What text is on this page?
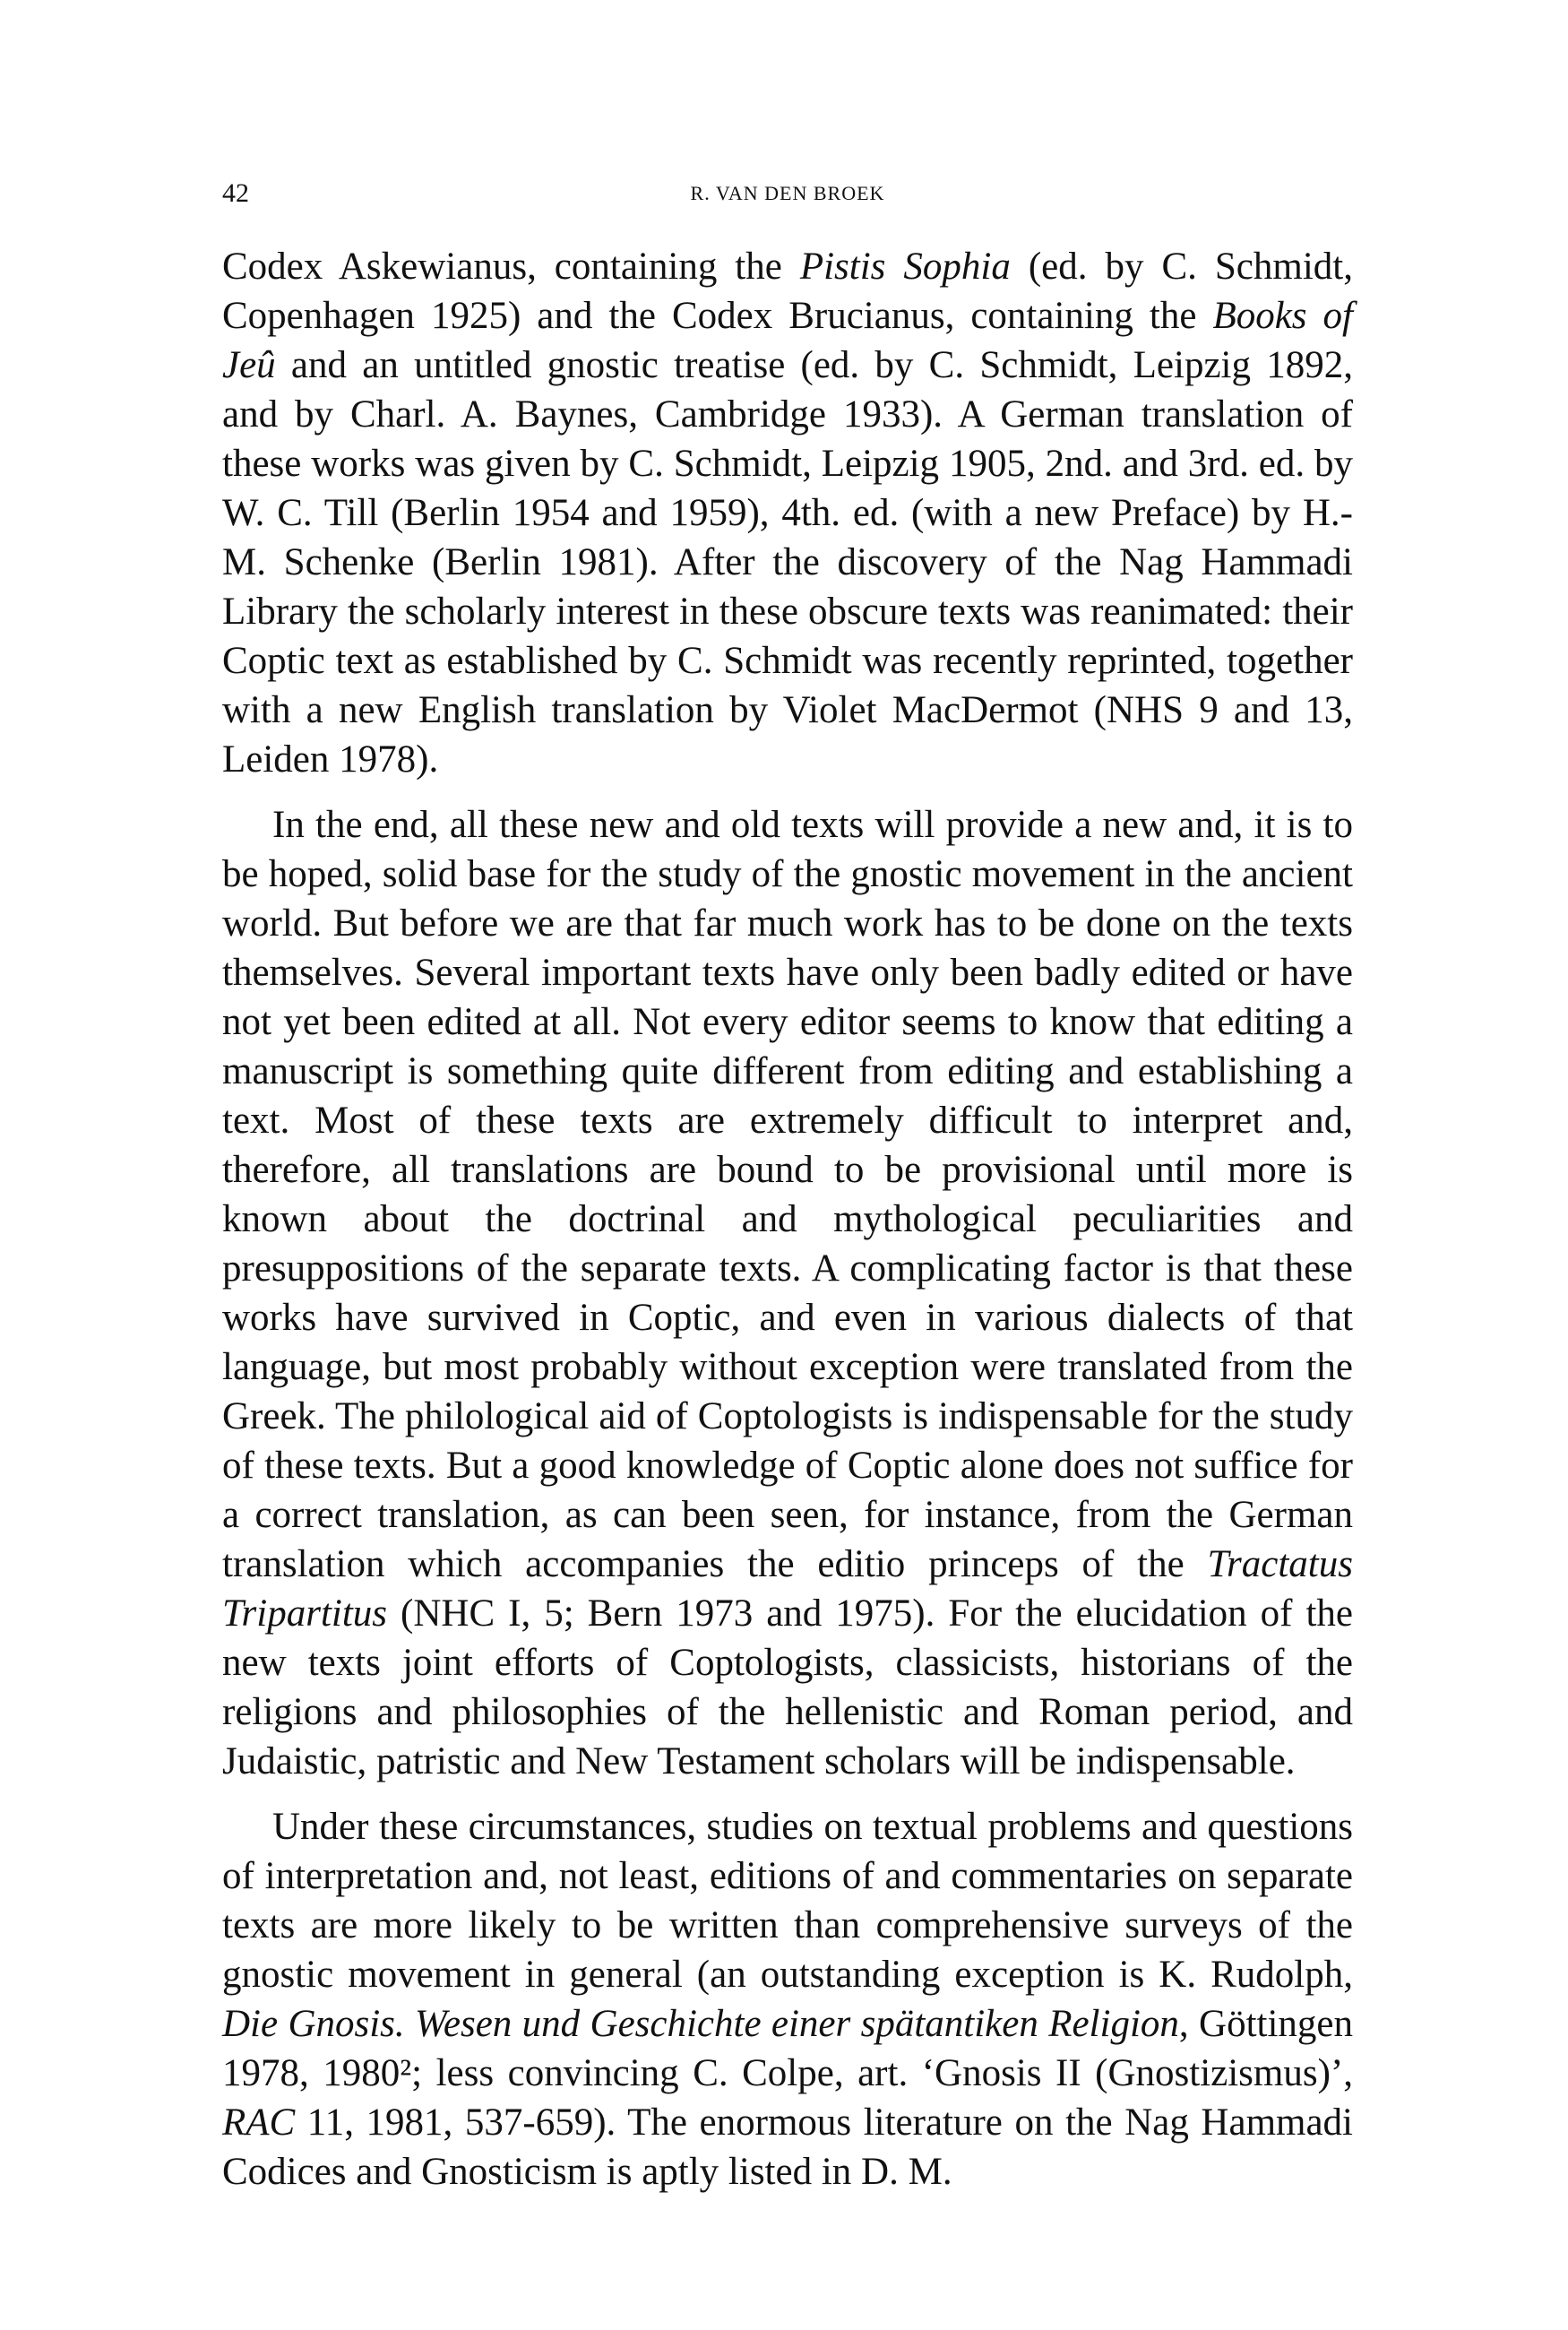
42	R. VAN DEN BROEK

Codex Askewianus, containing the Pistis Sophia (ed. by C. Schmidt, Copenhagen 1925) and the Codex Brucianus, containing the Books of Jeû and an untitled gnostic treatise (ed. by C. Schmidt, Leipzig 1892, and by Charl. A. Baynes, Cambridge 1933). A German translation of these works was given by C. Schmidt, Leipzig 1905, 2nd. and 3rd. ed. by W. C. Till (Berlin 1954 and 1959), 4th. ed. (with a new Preface) by H.-M. Schenke (Berlin 1981). After the discovery of the Nag Hammadi Library the scholarly interest in these obscure texts was reanimated: their Coptic text as established by C. Schmidt was recently reprinted, together with a new English translation by Violet MacDermot (NHS 9 and 13, Leiden 1978).

In the end, all these new and old texts will provide a new and, it is to be hoped, solid base for the study of the gnostic movement in the ancient world. But before we are that far much work has to be done on the texts themselves. Several important texts have only been badly edited or have not yet been edited at all. Not every editor seems to know that editing a manuscript is something quite different from editing and establishing a text. Most of these texts are extremely difficult to interpret and, therefore, all translations are bound to be provisional until more is known about the doctrinal and mythological peculiarities and presuppositions of the separate texts. A complicating factor is that these works have survived in Coptic, and even in various dialects of that language, but most probably without exception were translated from the Greek. The philological aid of Coptologists is indispensable for the study of these texts. But a good knowledge of Coptic alone does not suffice for a correct translation, as can been seen, for instance, from the German translation which accompanies the editio princeps of the Tractatus Tripartitus (NHC I, 5; Bern 1973 and 1975). For the elucidation of the new texts joint efforts of Coptologists, classicists, historians of the religions and philosophies of the hellenistic and Roman period, and Judaistic, patristic and New Testament scholars will be indispensable.

Under these circumstances, studies on textual problems and questions of interpretation and, not least, editions of and commentaries on separate texts are more likely to be written than comprehensive surveys of the gnostic movement in general (an outstanding exception is K. Rudolph, Die Gnosis. Wesen und Geschichte einer spätantiken Religion, Göttingen 1978, 1980²; less convincing C. Colpe, art. ‘Gnosis II (Gnostizismus)’, RAC 11, 1981, 537-659). The enormous literature on the Nag Hammadi Codices and Gnosticism is aptly listed in D. M.
